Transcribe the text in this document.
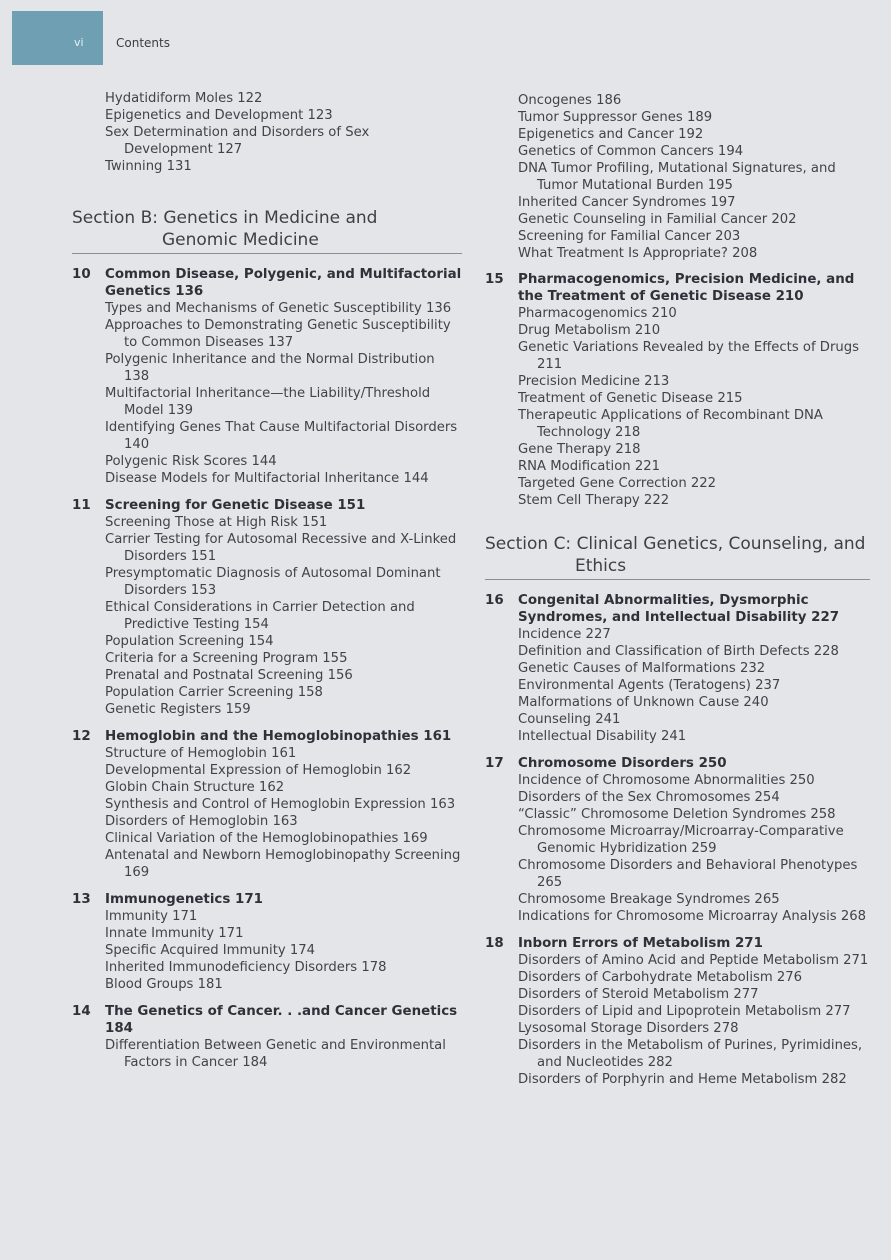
vi	Contents
Hydatidiform Moles 122
Epigenetics and Development 123
Sex Determination and Disorders of Sex Development 127
Twinning 131
Section B: Genetics in Medicine and
Genomic Medicine
10	Common Disease, Polygenic, and Multifactorial Genetics 136
Types and Mechanisms of Genetic Susceptibility 136
Approaches to Demonstrating Genetic Susceptibility to Common Diseases 137
Polygenic Inheritance and the Normal Distribution 138
Multifactorial Inheritance—the Liability/Threshold Model 139
Identifying Genes That Cause Multifactorial Disorders 140
Polygenic Risk Scores 144
Disease Models for Multifactorial Inheritance 144
11	Screening for Genetic Disease 151
Screening Those at High Risk 151
Carrier Testing for Autosomal Recessive and X-Linked Disorders 151
Presymptomatic Diagnosis of Autosomal Dominant Disorders 153
Ethical Considerations in Carrier Detection and Predictive Testing 154
Population Screening 154
Criteria for a Screening Program 155
Prenatal and Postnatal Screening 156
Population Carrier Screening 158
Genetic Registers 159
12	Hemoglobin and the Hemoglobinopathies 161
Structure of Hemoglobin 161
Developmental Expression of Hemoglobin 162
Globin Chain Structure 162
Synthesis and Control of Hemoglobin Expression 163
Disorders of Hemoglobin 163
Clinical Variation of the Hemoglobinopathies 169
Antenatal and Newborn Hemoglobinopathy Screening 169
13	Immunogenetics 171
Immunity 171
Innate Immunity 171
Specific Acquired Immunity 174
Inherited Immunodeficiency Disorders 178
Blood Groups 181
14	The Genetics of Cancer. . .and Cancer Genetics 184
Differentiation Between Genetic and Environmental Factors in Cancer 184
Oncogenes 186
Tumor Suppressor Genes 189
Epigenetics and Cancer 192
Genetics of Common Cancers 194
DNA Tumor Profiling, Mutational Signatures, and Tumor Mutational Burden 195
Inherited Cancer Syndromes 197
Genetic Counseling in Familial Cancer 202
Screening for Familial Cancer 203
What Treatment Is Appropriate? 208
15	Pharmacogenomics, Precision Medicine, and the Treatment of Genetic Disease 210
Pharmacogenomics 210
Drug Metabolism 210
Genetic Variations Revealed by the Effects of Drugs 211
Precision Medicine 213
Treatment of Genetic Disease 215
Therapeutic Applications of Recombinant DNA Technology 218
Gene Therapy 218
RNA Modification 221
Targeted Gene Correction 222
Stem Cell Therapy 222
Section C: Clinical Genetics, Counseling, and
Ethics
16	Congenital Abnormalities, Dysmorphic Syndromes, and Intellectual Disability 227
Incidence 227
Definition and Classification of Birth Defects 228
Genetic Causes of Malformations 232
Environmental Agents (Teratogens) 237
Malformations of Unknown Cause 240
Counseling 241
Intellectual Disability 241
17	Chromosome Disorders 250
Incidence of Chromosome Abnormalities 250
Disorders of the Sex Chromosomes 254
“Classic” Chromosome Deletion Syndromes 258
Chromosome Microarray/Microarray-Comparative Genomic Hybridization 259
Chromosome Disorders and Behavioral Phenotypes 265
Chromosome Breakage Syndromes 265
Indications for Chromosome Microarray Analysis 268
18	Inborn Errors of Metabolism 271
Disorders of Amino Acid and Peptide Metabolism 271
Disorders of Carbohydrate Metabolism 276
Disorders of Steroid Metabolism 277
Disorders of Lipid and Lipoprotein Metabolism 277
Lysosomal Storage Disorders 278
Disorders in the Metabolism of Purines, Pyrimidines, and Nucleotides 282
Disorders of Porphyrin and Heme Metabolism 282
